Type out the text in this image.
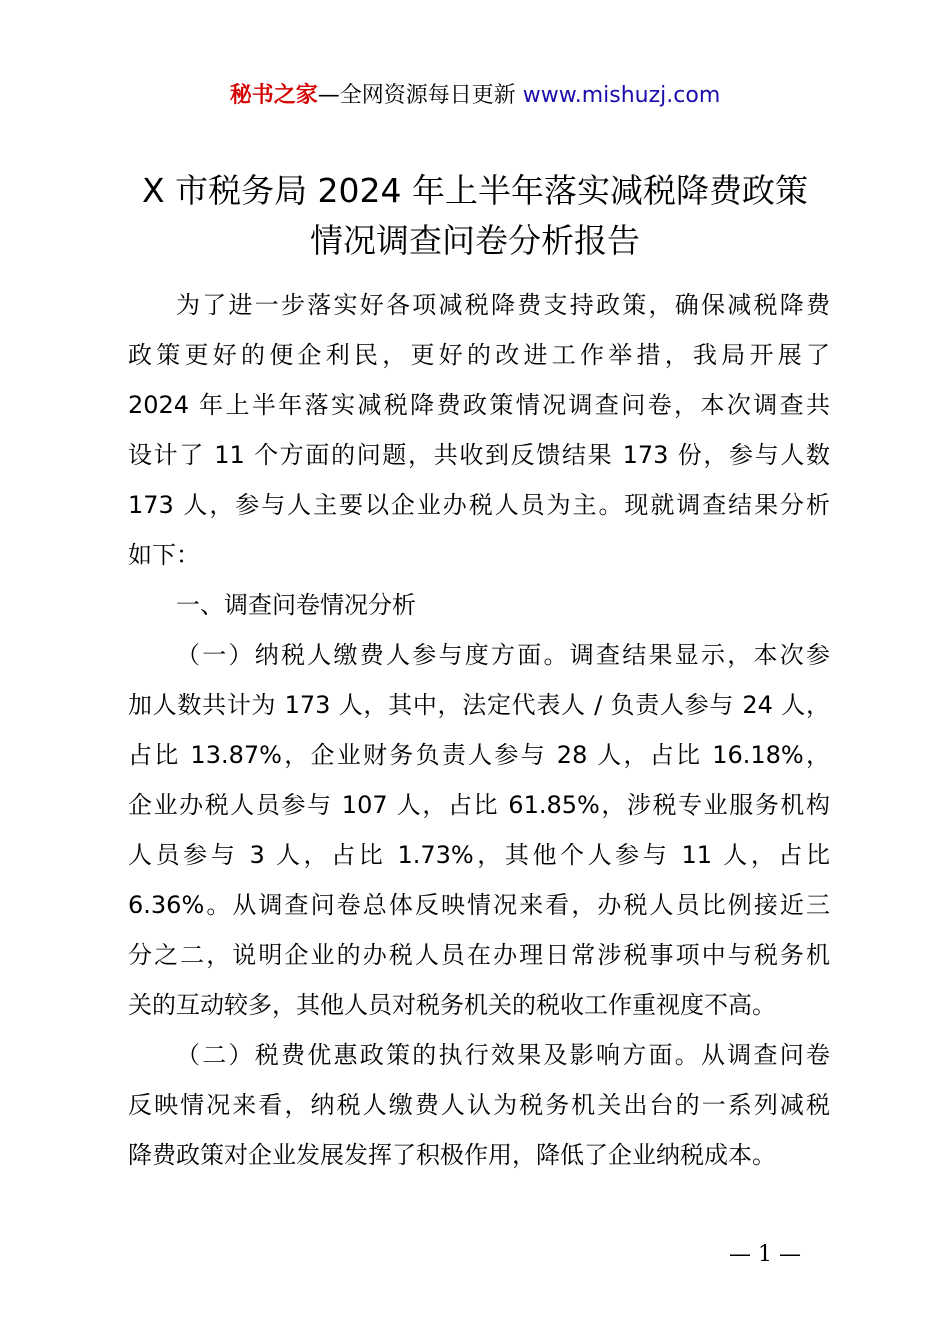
秘书之家—全网资源每日更新 www.mishuzj.com
X 市税务局 2024 年上半年落实减税降费政策
情况调查问卷分析报告
为了进一步落实好各项减税降费支持政策，确保减税降费
政策更好的便企利民，更好的改进工作举措，我局开展了
2024 年上半年落实减税降费政策情况调查问卷，本次调查共
设计了 11 个方面的问题，共收到反馈结果 173 份，参与人数
173 人，参与人主要以企业办税人员为主。现就调查结果分析
如下：
一、调查问卷情况分析
（一）纳税人缴费人参与度方面。调查结果显示，本次参
加人数共计为 173 人，其中，法定代表人 / 负责人参与 24 人，
占比 13.87%，企业财务负责人参与 28 人，占比 16.18%，
企业办税人员参与 107 人，占比 61.85%，涉税专业服务机构
人员参与 3 人，占比 1.73%，其他个人参与 11 人，占比
6.36%。从调查问卷总体反映情况来看，办税人员比例接近三
分之二，说明企业的办税人员在办理日常涉税事项中与税务机
关的互动较多，其他人员对税务机关的税收工作重视度不高。
（二）税费优惠政策的执行效果及影响方面。从调查问卷
反映情况来看，纳税人缴费人认为税务机关出台的一系列减税
降费政策对企业发展发挥了积极作用，降低了企业纳税成本。
— 1 —
